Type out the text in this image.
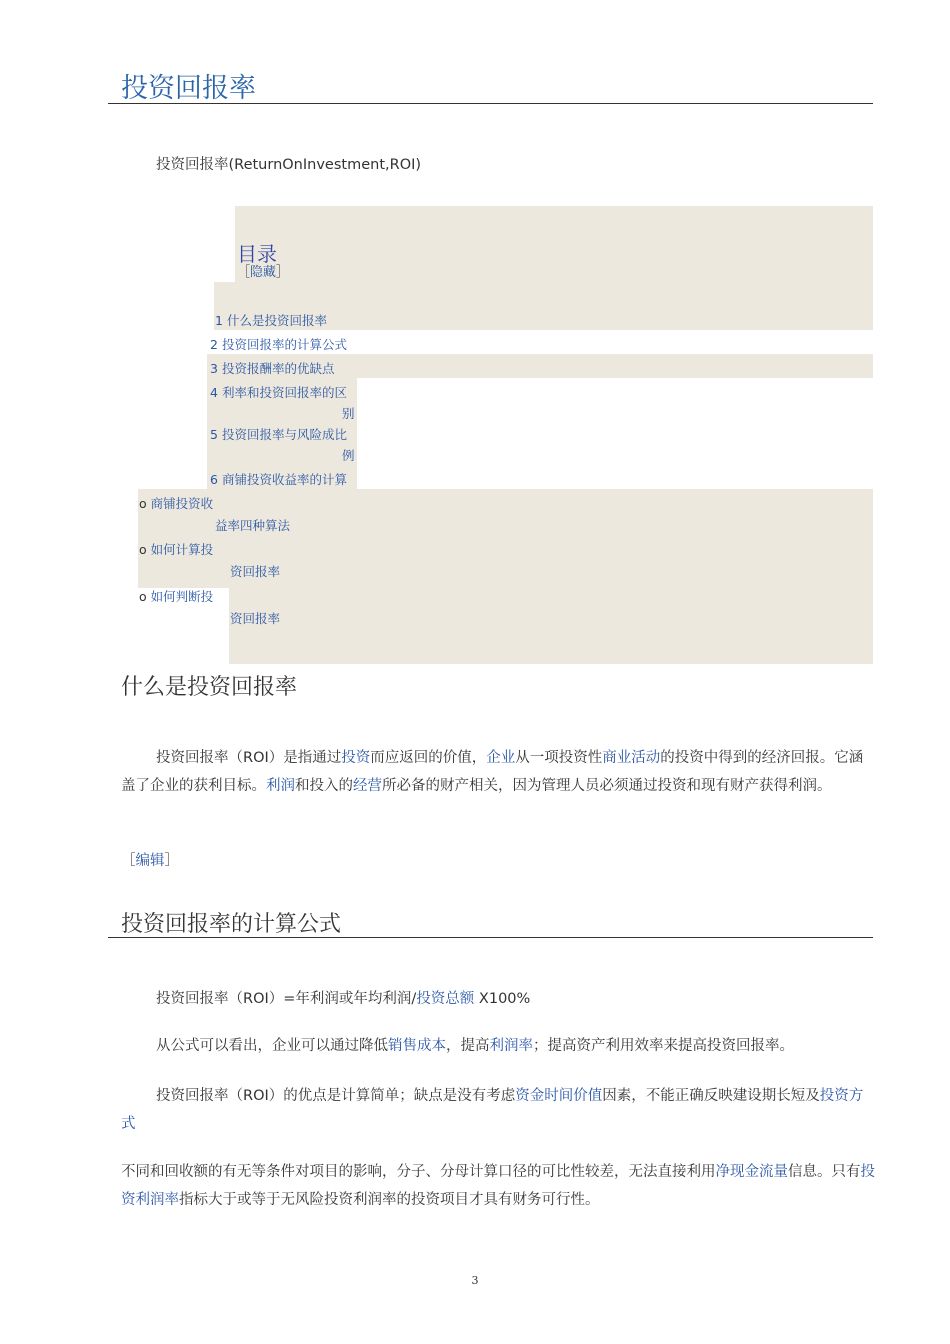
投资回报率
投资回报率(ReturnOnInvestment,ROI)
目录
［隐藏］
1 什么是投资回报率
2 投资回报率的计算公式
3 投资报酬率的优缺点
4 利率和投资回报率的区
别
5 投资回报率与风险成比
例
6 商铺投资收益率的计算
o 商铺投资收
益率四种算法
o 如何计算投
资回报率
o 如何判断投
资回报率
什么是投资回报率
投资回报率（ROI）是指通过投资而应返回的价值，企业从一项投资性商业活动的投资中得到的经济回报。它涵盖了企业的获利目标。利润和投入的经营所必备的财产相关，因为管理人员必须通过投资和现有财产获得利润。
［编辑］
投资回报率的计算公式
投资回报率（ROI）=年利润或年均利润/投资总额 X100%
从公式可以看出，企业可以通过降低销售成本，提高利润率；提高资产利用效率来提高投资回报率。
投资回报率（ROI）的优点是计算简单；缺点是没有考虑资金时间价值因素，不能正确反映建设期长短及投资方式
不同和回收额的有无等条件对项目的影响，分子、分母计算口径的可比性较差，无法直接利用净现金流量信息。只有投资利润率指标大于或等于无风险投资利润率的投资项目才具有财务可行性。
3
